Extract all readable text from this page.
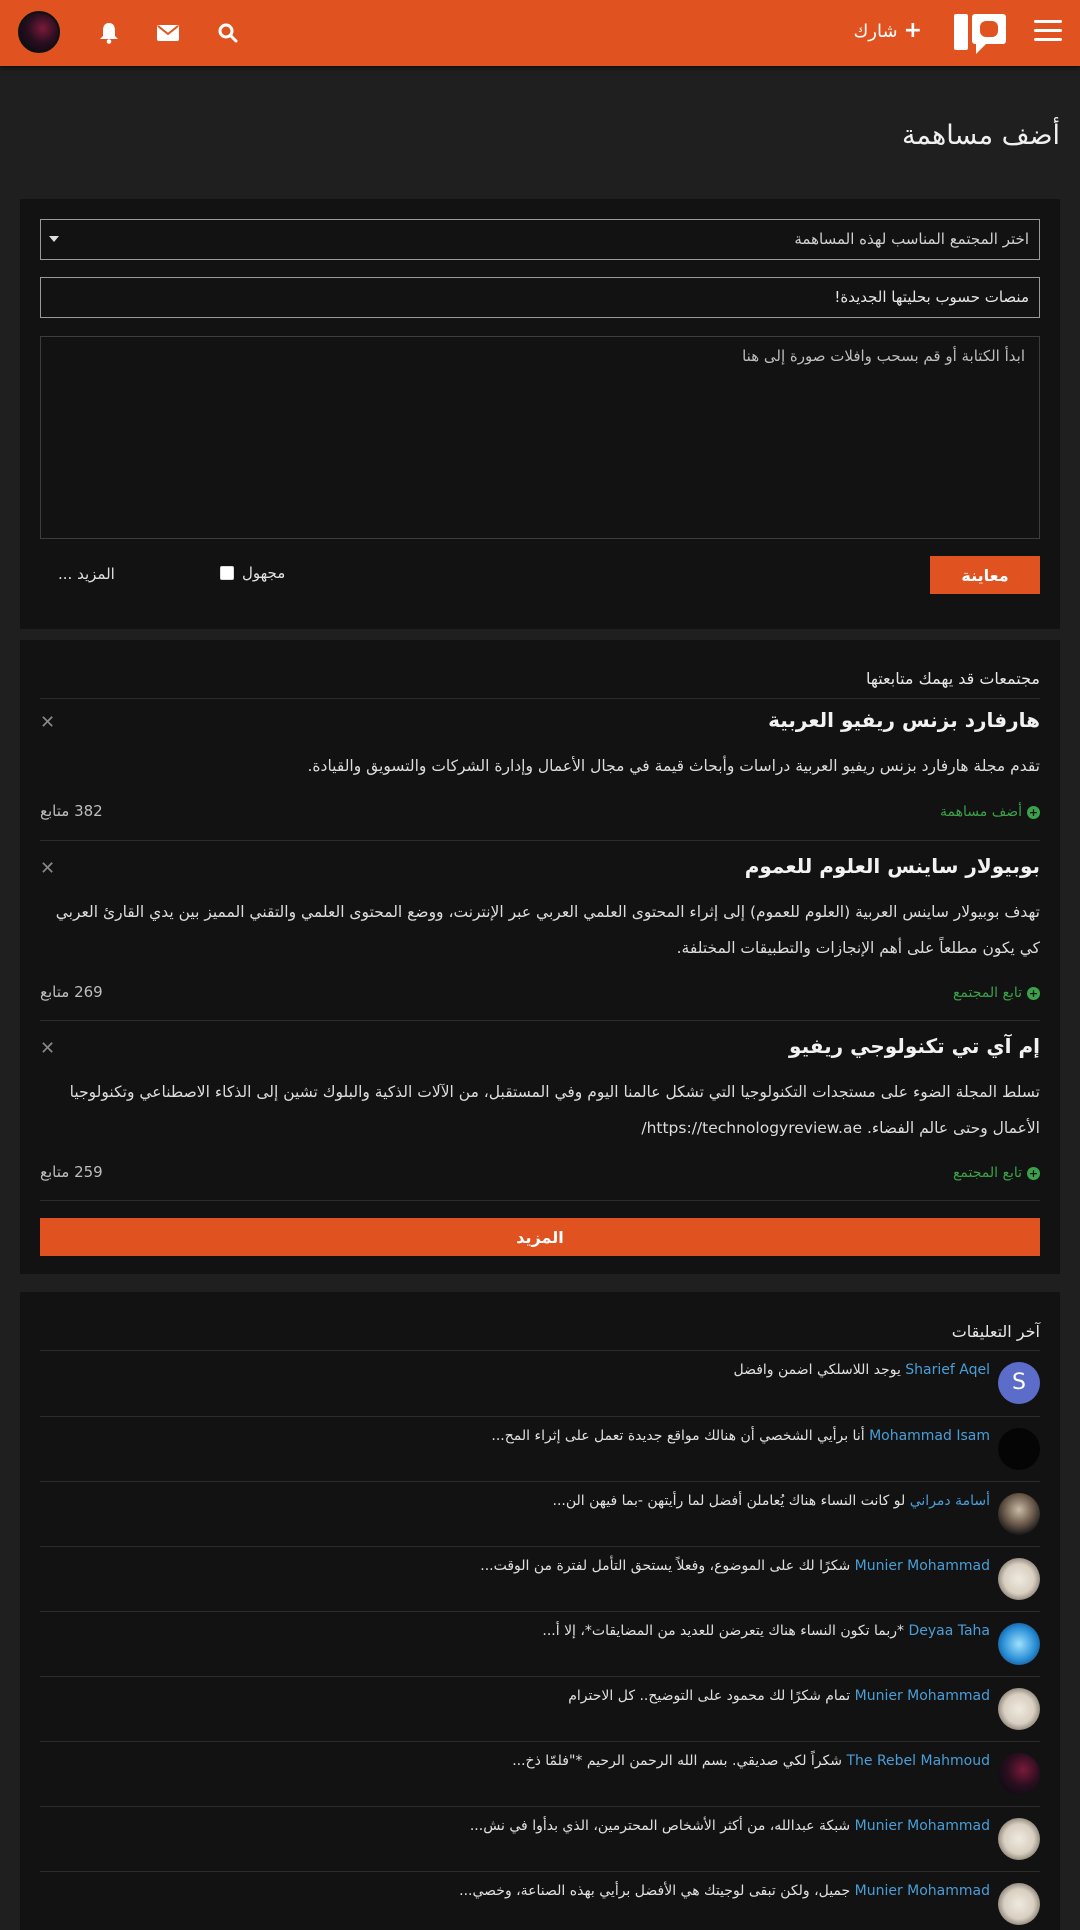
+
شارك
أضف مساهمة
اختر المجتمع المناسب لهذه المساهمة
منصات حسوب بحليتها الجديدة!
ابدأ الكتابة أو قم بسحب وافلات صورة إلى هنا
معاينة
مجهول
المزيد ...
مجتمعات قد يهمك متابعتها
هارفارد بزنس ريفيو العربية
✕
تقدم مجلة هارفارد بزنس ريفيو العربية دراسات وأبحاث قيمة في مجال الأعمال وإدارة الشركات والتسويق والقيادة.
+
أضف مساهمة
382 متابع
بوبيولار ساينس العلوم للعموم
✕
تهدف بوبيولار ساينس العربية (العلوم للعموم) إلى إثراء المحتوى العلمي العربي عبر الإنترنت، ووضع المحتوى العلمي والتقني المميز بين يدي القارئ العربي كي يكون مطلعاً على أهم الإنجازات والتطبيقات المختلفة.
+
تابع المجتمع
269 متابع
إم آي تي تكنولوجي ريفيو
✕
تسلط المجلة الضوء على مستجدات التكنولوجيا التي تشكل عالمنا اليوم وفي المستقبل، من الآلات الذكية والبلوك تشين إلى الذكاء الاصطناعي وتكنولوجيا الأعمال وحتى عالم الفضاء. https://technologyreview.ae/
+
تابع المجتمع
259 متابع
المزيد
آخر التعليقات
S
Sharief Aqel يوجد اللاسلكي اضمن وافضل
Mohammad Isam أنا برأيي الشخصي أن هنالك مواقع جديدة تعمل على إثراء المح...
أسامة دمراني لو كانت النساء هناك يُعاملن أفضل لما رأيتهن -بما فيهن الن...
Munier Mohammad شكرًا لك على الموضوع، وفعلاً يستحق التأمل لفترة من الوقت...
Deyaa Taha *ربما تكون النساء هناك يتعرضن للعديد من المضايقات*، إلا أ...
Munier Mohammad تمام شكرًا لك محمود على التوضيح.. كل الاحترام
The Rebel Mahmoud شكراً لكي صديقي. بسم الله الرحمن الرحيم *"فلمّا ذخ...
Munier Mohammad شبكة عبدالله، من أكثر الأشخاص المحترمين، الذي بدأوا في نش...
Munier Mohammad جميل، ولكن تبقى لوجيتك هي الأفضل برأيي بهذه الصناعة، وخصي...
